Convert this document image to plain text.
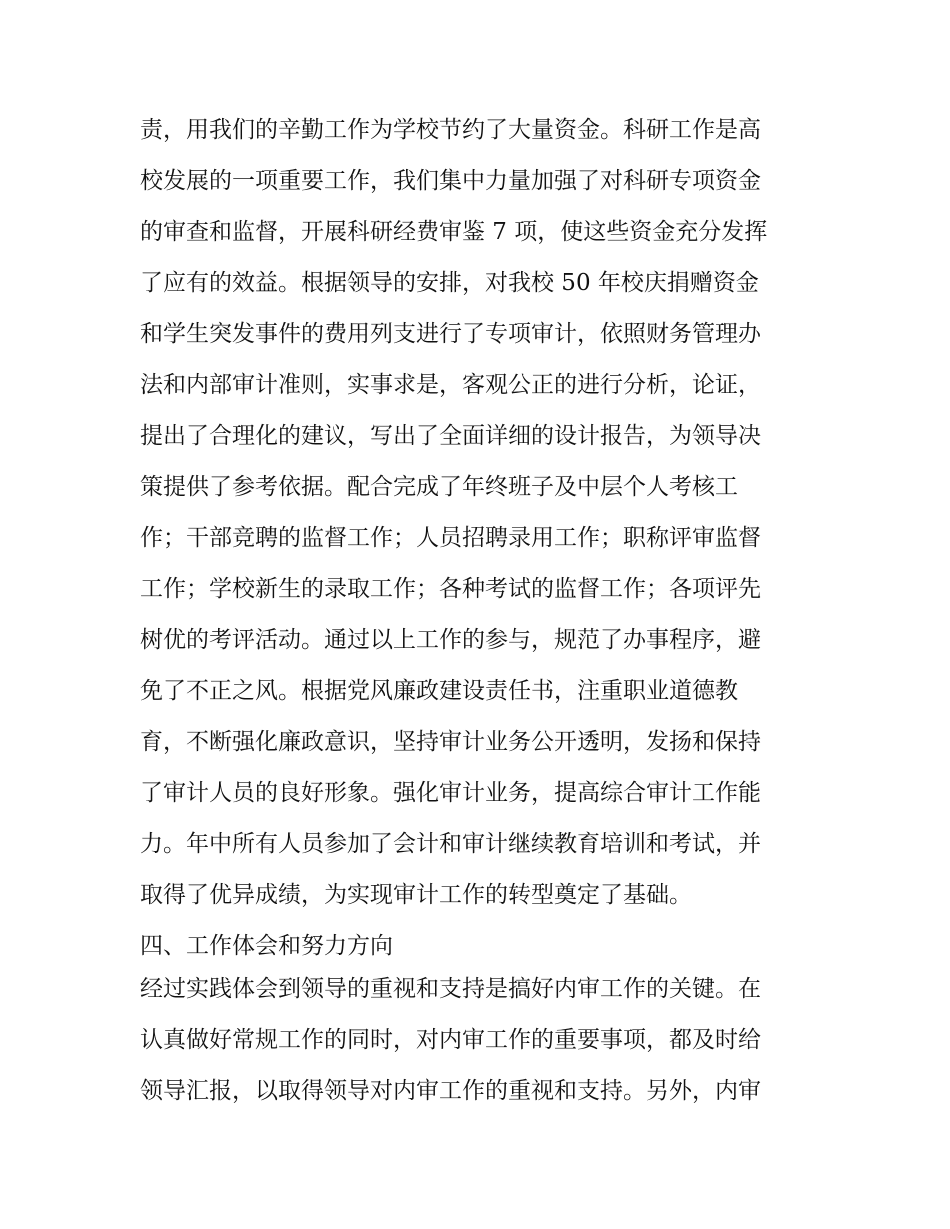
责，用我们的辛勤工作为学校节约了大量资金。科研工作是高
校发展的一项重要工作，我们集中力量加强了对科研专项资金
的审查和监督，开展科研经费审鉴 7 项，使这些资金充分发挥
了应有的效益。根据领导的安排，对我校 50 年校庆捐赠资金
和学生突发事件的费用列支进行了专项审计，依照财务管理办
法和内部审计准则，实事求是，客观公正的进行分析，论证，
提出了合理化的建议，写出了全面详细的设计报告，为领导决
策提供了参考依据。配合完成了年终班子及中层个人考核工
作；干部竞聘的监督工作；人员招聘录用工作；职称评审监督
工作；学校新生的录取工作；各种考试的监督工作；各项评先
树优的考评活动。通过以上工作的参与，规范了办事程序，避
免了不正之风。根据党风廉政建设责任书，注重职业道德教
育，不断强化廉政意识，坚持审计业务公开透明，发扬和保持
了审计人员的良好形象。强化审计业务，提高综合审计工作能
力。年中所有人员参加了会计和审计继续教育培训和考试，并
取得了优异成绩，为实现审计工作的转型奠定了基础。
四、工作体会和努力方向
经过实践体会到领导的重视和支持是搞好内审工作的关键。在
认真做好常规工作的同时，对内审工作的重要事项，都及时给
领导汇报，以取得领导对内审工作的重视和支持。另外，内审
